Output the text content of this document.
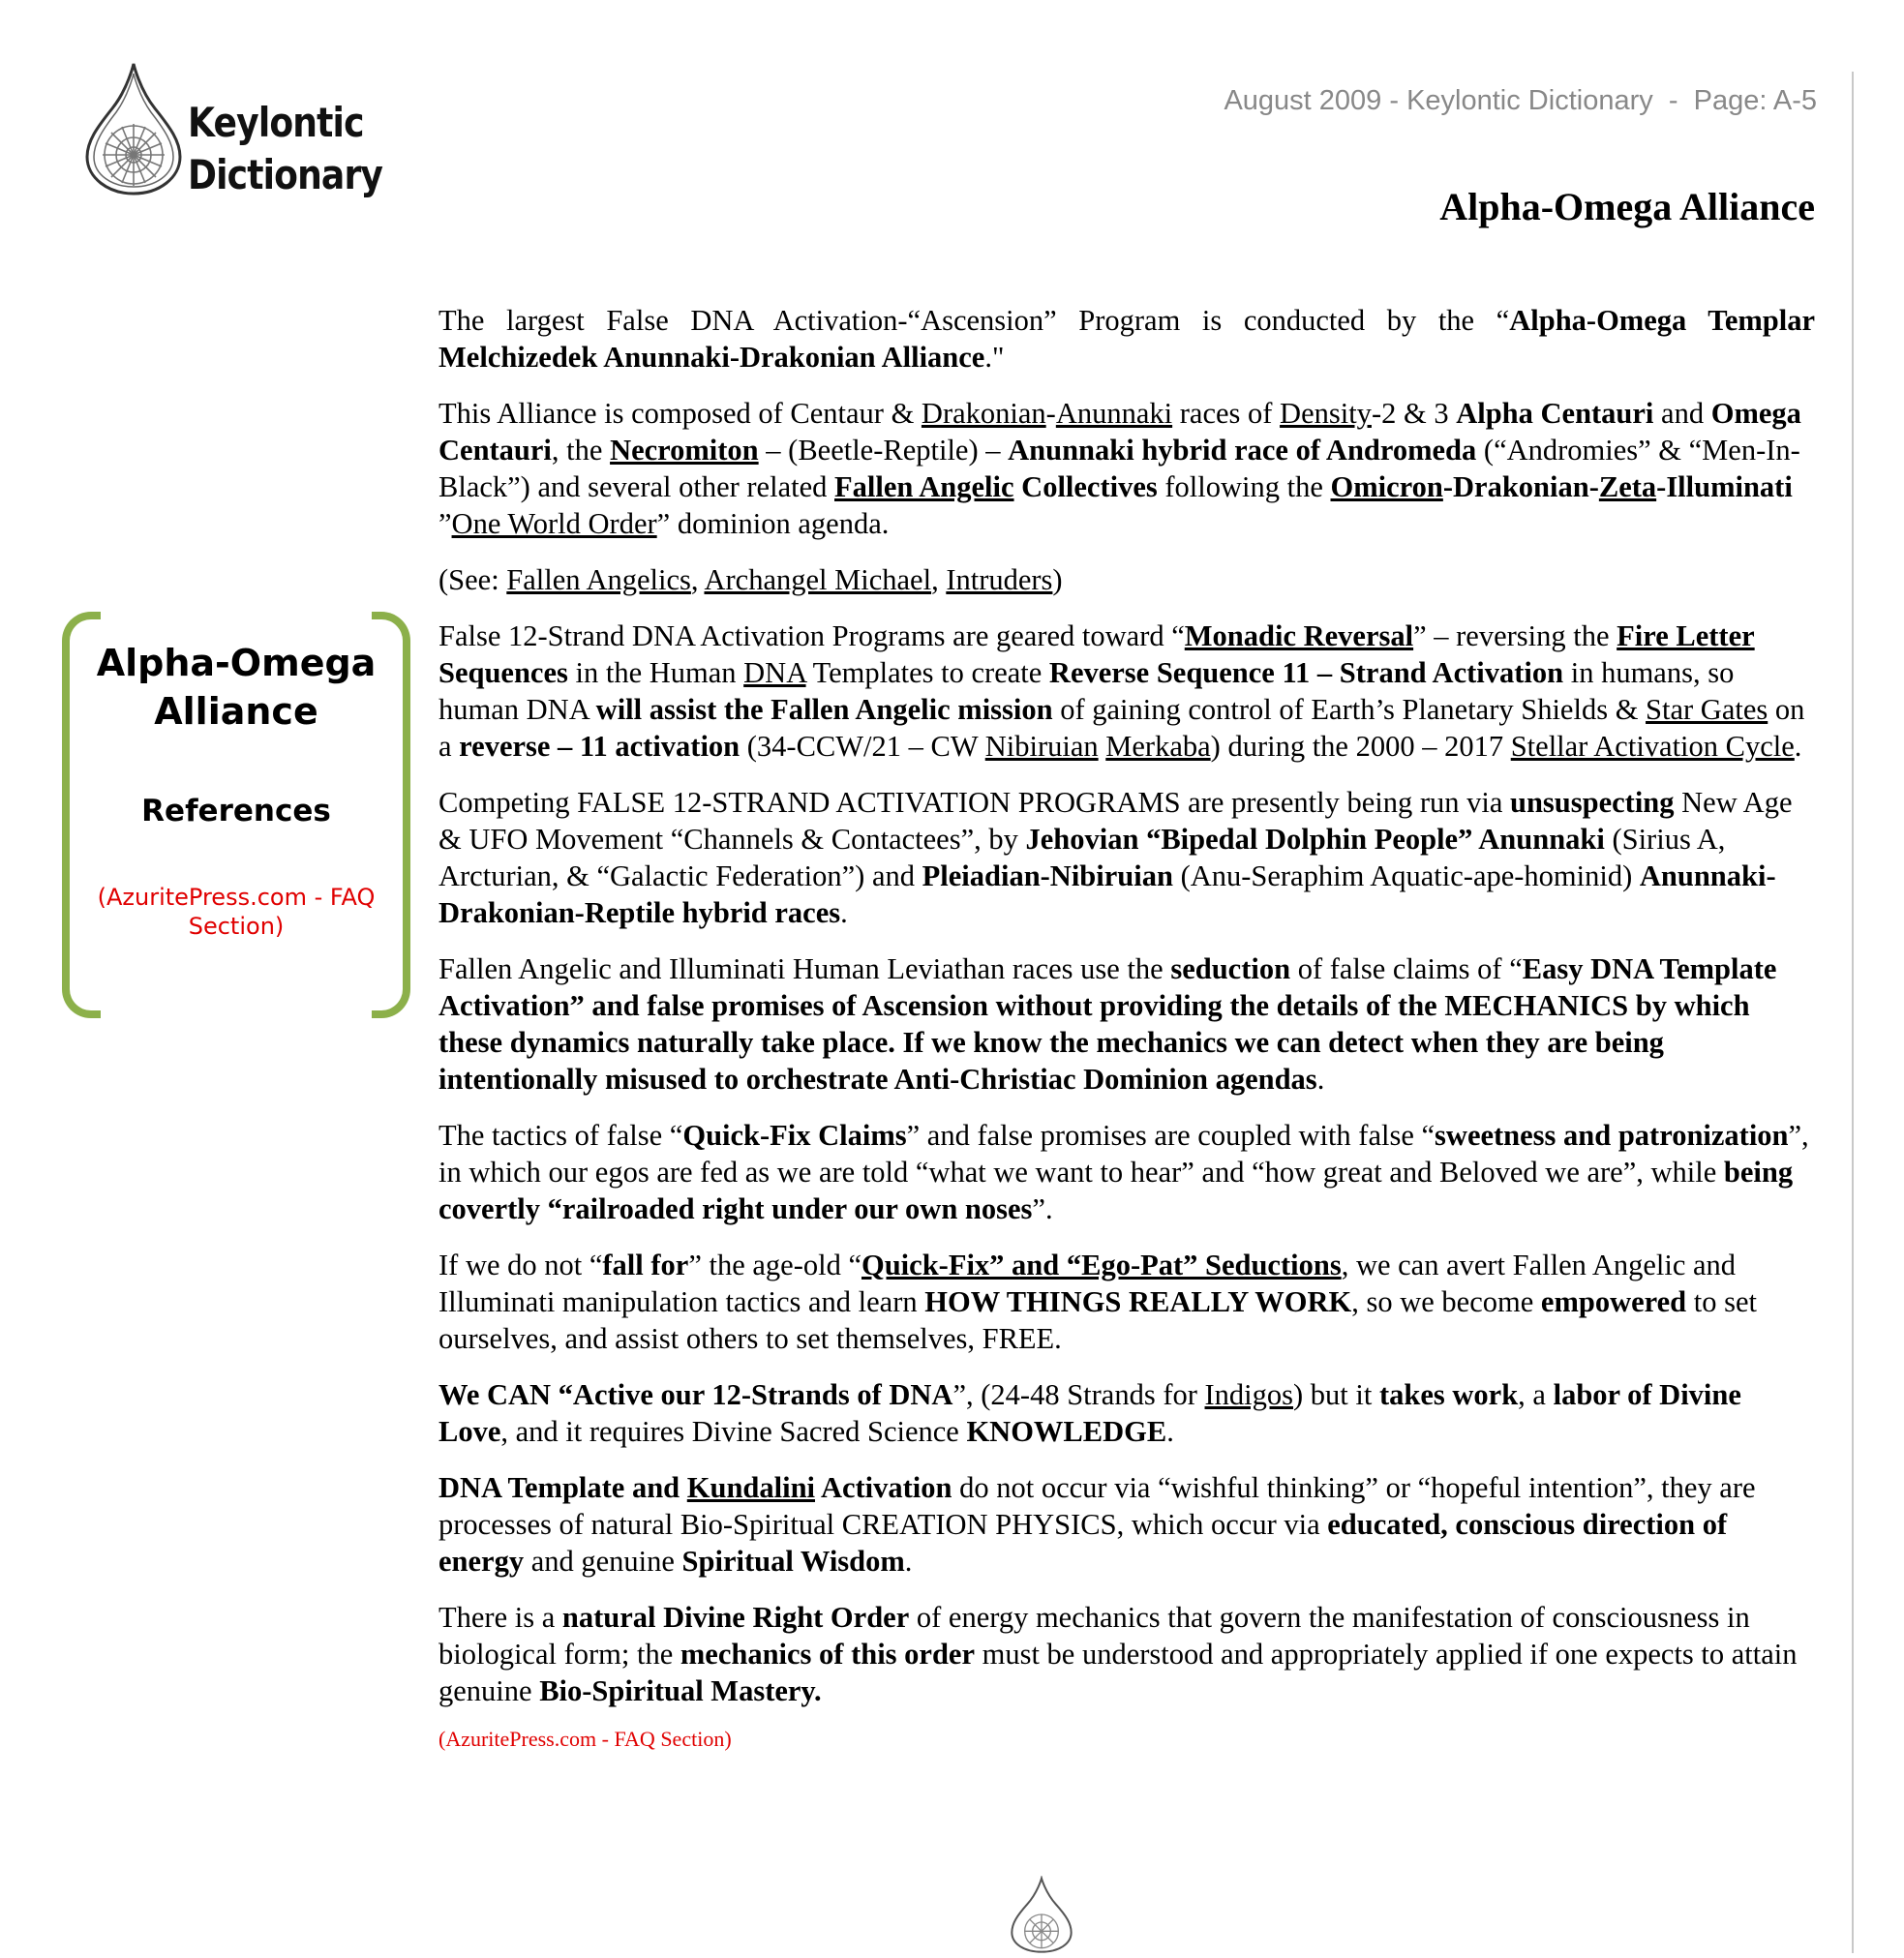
Keylontic
Dictionary
August 2009 - Keylontic Dictionary  -  Page: A-5
Alpha-Omega Alliance
Alpha-Omega Alliance
References
(AzuritePress.com - FAQ Section)

The largest False DNA Activation-“Ascension” Program is conducted by the “Alpha-Omega Templar Melchizedek Anunnaki-Drakonian Alliance."

This Alliance is composed of Centaur & Drakonian-Anunnaki races of Density-2 & 3 Alpha Centauri and Omega Centauri, the Necromiton – (Beetle-Reptile) – Anunnaki hybrid race of Andromeda (“Andromies” & “Men-In-Black”) and several other related Fallen Angelic Collectives following the Omicron-Drakonian-Zeta-Illuminati ”One World Order” dominion agenda.

(See: Fallen Angelics, Archangel Michael, Intruders)

False 12-Strand DNA Activation Programs are geared toward “Monadic Reversal” – reversing the Fire Letter Sequences in the Human DNA Templates to create Reverse Sequence 11 – Strand Activation in humans, so human DNA will assist the Fallen Angelic mission of gaining control of Earth’s Planetary Shields & Star Gates on a reverse – 11 activation (34-CCW/21 – CW Nibiruian Merkaba) during the 2000 – 2017 Stellar Activation Cycle.

Competing FALSE 12-STRAND ACTIVATION PROGRAMS are presently being run via unsuspecting New Age & UFO Movement “Channels & Contactees”, by Jehovian “Bipedal Dolphin People” Anunnaki (Sirius A, Arcturian, & “Galactic Federation”) and Pleiadian-Nibiruian (Anu-Seraphim Aquatic-ape-hominid) Anunnaki-Drakonian-Reptile hybrid races.

Fallen Angelic and Illuminati Human Leviathan races use the seduction of false claims of “Easy DNA Template Activation” and false promises of Ascension without providing the details of the MECHANICS by which these dynamics naturally take place. If we know the mechanics we can detect when they are being intentionally misused to orchestrate Anti-Christiac Dominion agendas.

The tactics of false “Quick-Fix Claims” and false promises are coupled with false “sweetness and patronization”, in which our egos are fed as we are told “what we want to hear” and “how great and Beloved we are”, while being covertly “railroaded right under our own noses”.

If we do not “fall for” the age-old “Quick-Fix” and “Ego-Pat” Seductions, we can avert Fallen Angelic and Illuminati manipulation tactics and learn HOW THINGS REALLY WORK, so we become empowered to set ourselves, and assist others to set themselves, FREE.

We CAN “Active our 12-Strands of DNA”, (24-48 Strands for Indigos) but it takes work, a labor of Divine Love, and it requires Divine Sacred Science KNOWLEDGE.

DNA Template and Kundalini Activation do not occur via “wishful thinking” or “hopeful intention”, they are processes of natural Bio-Spiritual CREATION PHYSICS, which occur via educated, conscious direction of energy and genuine Spiritual Wisdom.

There is a natural Divine Right Order of energy mechanics that govern the manifestation of consciousness in biological form; the mechanics of this order must be understood and appropriately applied if one expects to attain genuine Bio-Spiritual Mastery.

(AzuritePress.com - FAQ Section)
